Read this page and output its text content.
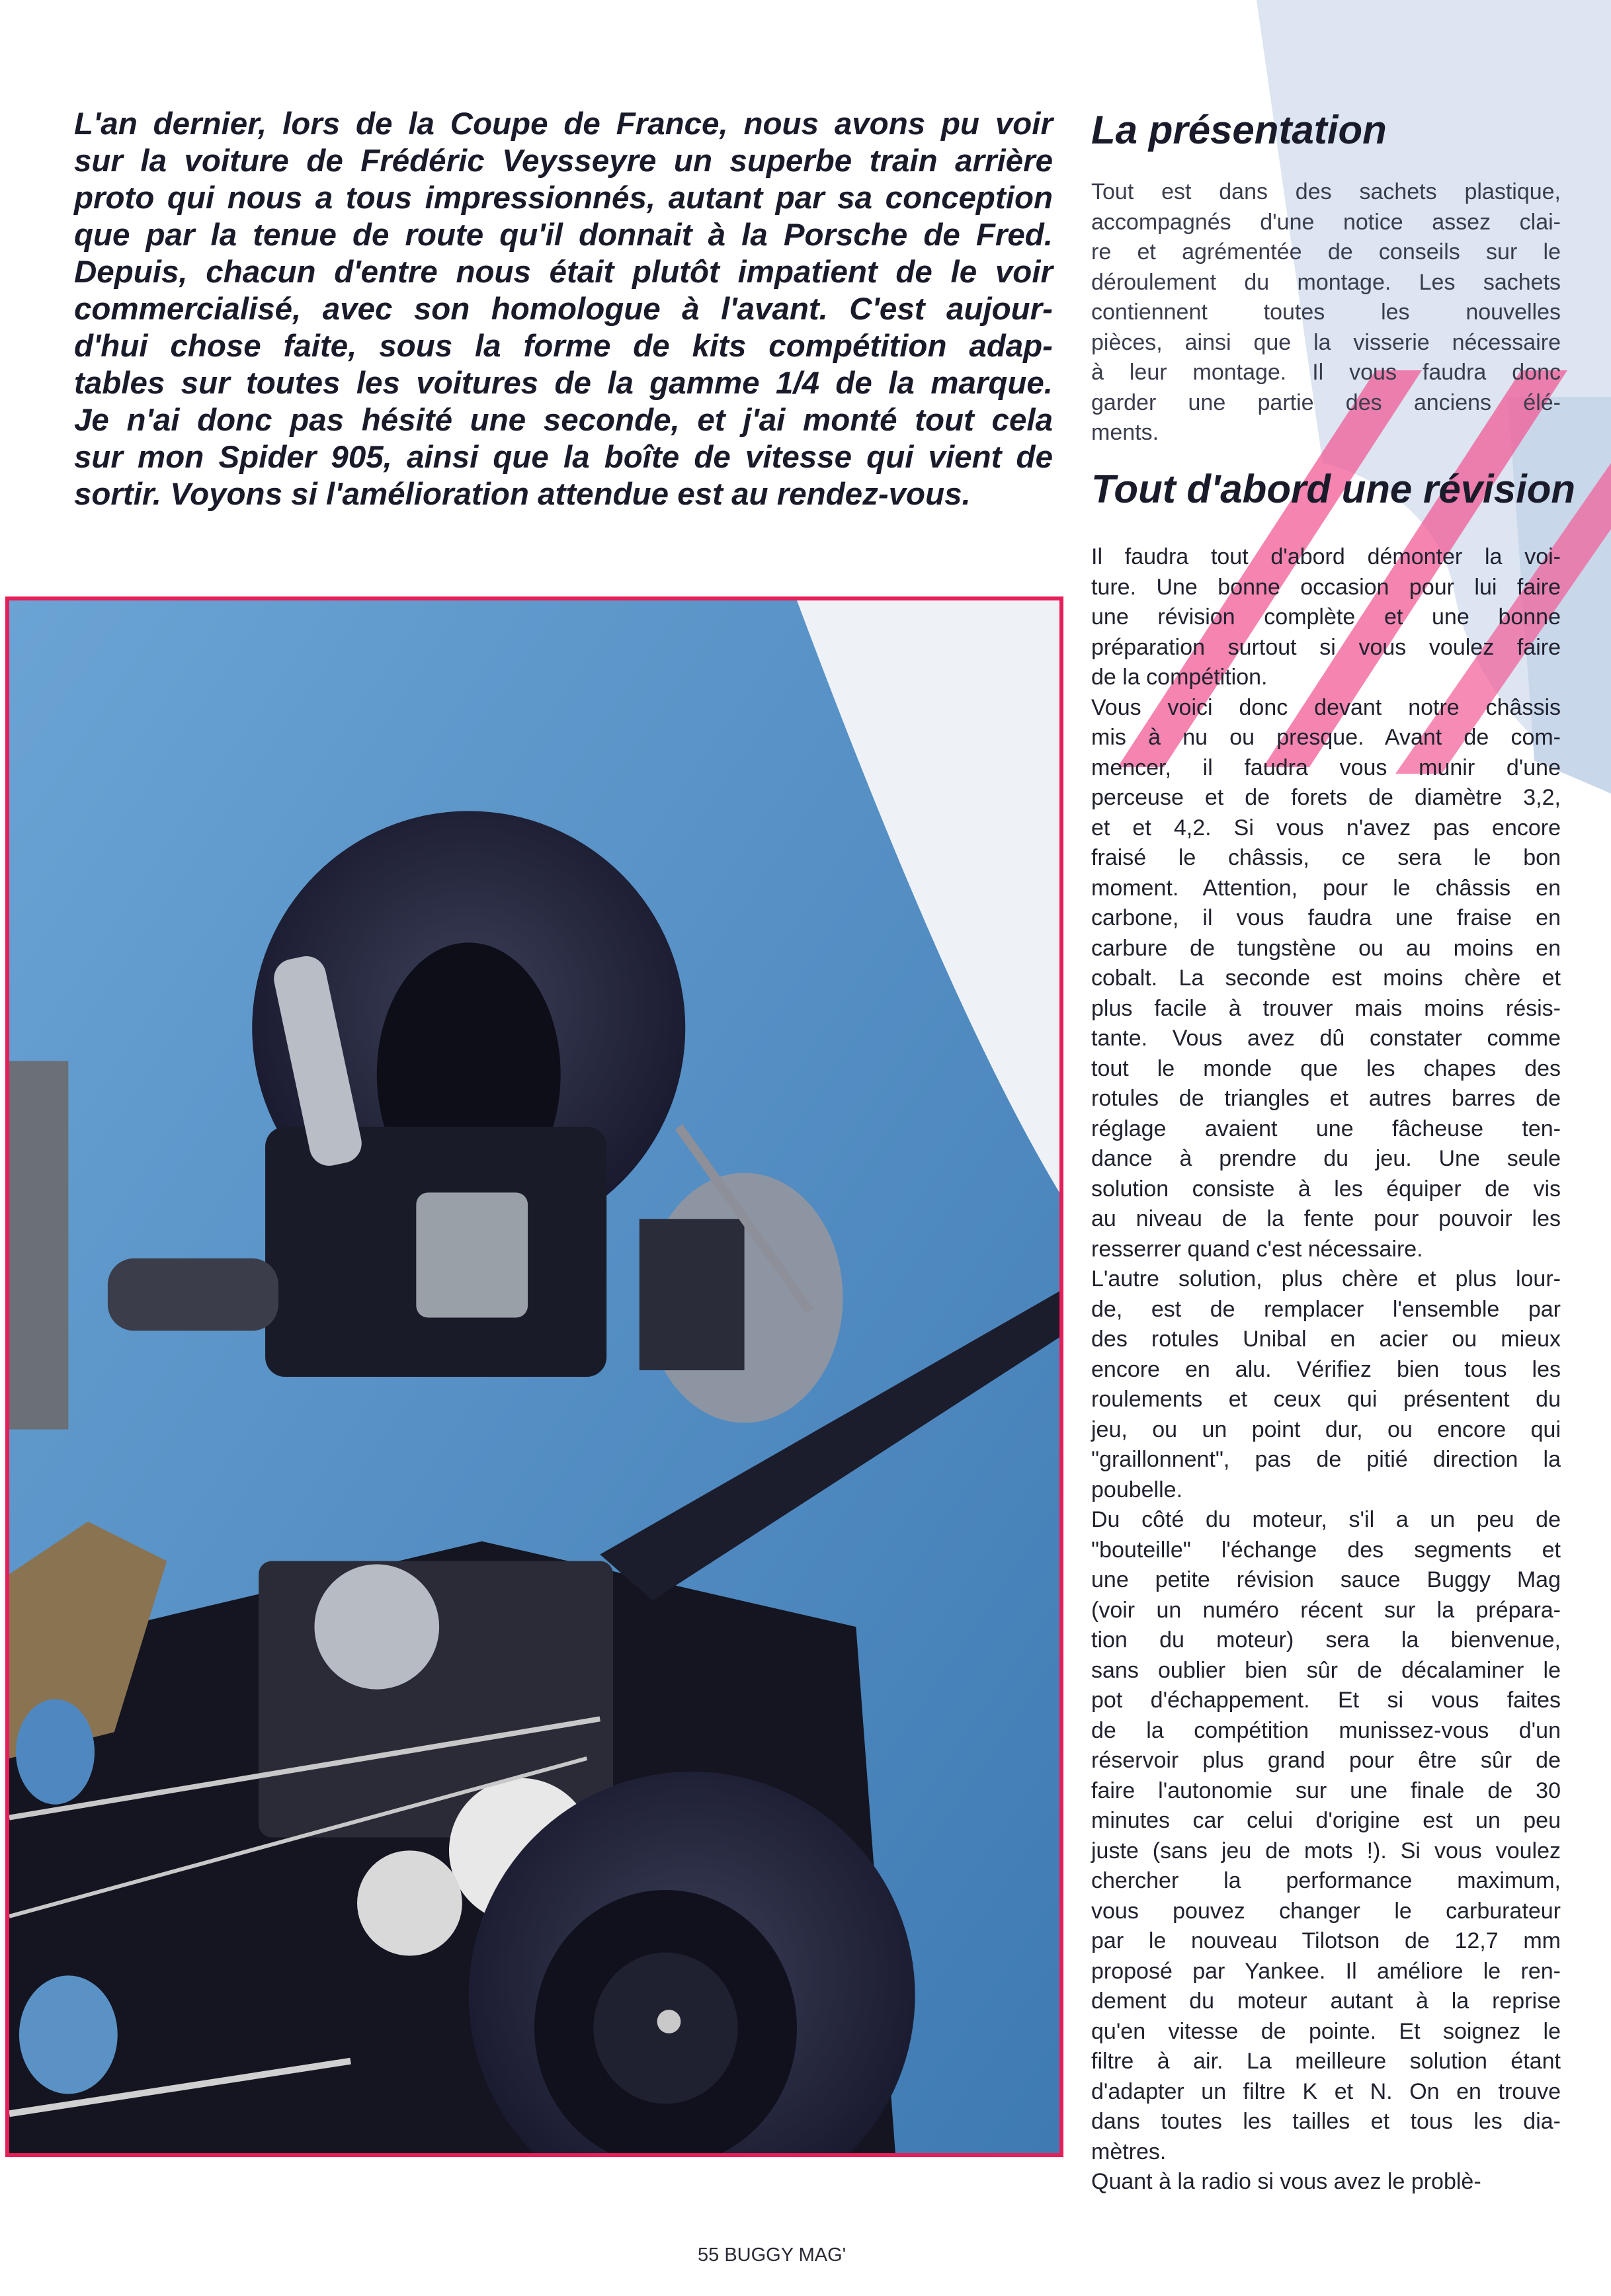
L'an dernier, lors de la Coupe de France, nous avons pu voir
sur la voiture de Frédéric Veysseyre un superbe train arrière
proto qui nous a tous impressionnés, autant par sa conception
que par la tenue de route qu'il donnait à la Porsche de Fred.
Depuis, chacun d'entre nous était plutôt impatient de le voir
commercialisé, avec son homologue à l'avant. C'est aujour-
d'hui chose faite, sous la forme de kits compétition adap-
tables sur toutes les voitures de la gamme 1/4 de la marque.
Je n'ai donc pas hésité une seconde, et j'ai monté tout cela
sur mon Spider 905, ainsi que la boîte de vitesse qui vient de
sortir. Voyons si l'amélioration attendue est au rendez-vous.
La présentation
Tout est dans des sachets plastique,
accompagnés d'une notice assez clai-
re et agrémentée de conseils sur le
déroulement du montage. Les sachets
contiennent toutes les nouvelles
pièces, ainsi que la visserie nécessaire
à leur montage. Il vous faudra donc
garder une partie des anciens élé-
ments.
Tout d'abord une révision
Il faudra tout d'abord démonter la voi-
ture. Une bonne occasion pour lui faire
une révision complète et une bonne
préparation surtout si vous voulez faire
de la compétition.
Vous voici donc devant notre châssis
mis à nu ou presque. Avant de com-
mencer, il faudra vous munir d'une
perceuse et de forets de diamètre 3,2,
et et 4,2. Si vous n'avez pas encore
fraisé le châssis, ce sera le bon
moment. Attention, pour le châssis en
carbone, il vous faudra une fraise en
carbure de tungstène ou au moins en
cobalt. La seconde est moins chère et
plus facile à trouver mais moins résis-
tante. Vous avez dû constater comme
tout le monde que les chapes des
rotules de triangles et autres barres de
réglage avaient une fâcheuse ten-
dance à prendre du jeu. Une seule
solution consiste à les équiper de vis
au niveau de la fente pour pouvoir les
resserrer quand c'est nécessaire.
L'autre solution, plus chère et plus lour-
de, est de remplacer l'ensemble par
des rotules Unibal en acier ou mieux
encore en alu. Vérifiez bien tous les
roulements et ceux qui présentent du
jeu, ou un point dur, ou encore qui
"graillonnent", pas de pitié direction la
poubelle.
Du côté du moteur, s'il a un peu de
"bouteille" l'échange des segments et
une petite révision sauce Buggy Mag
(voir un numéro récent sur la prépara-
tion du moteur) sera la bienvenue,
sans oublier bien sûr de décalaminer le
pot d'échappement. Et si vous faites
de la compétition munissez-vous d'un
réservoir plus grand pour être sûr de
faire l'autonomie sur une finale de 30
minutes car celui d'origine est un peu
juste (sans jeu de mots !). Si vous voulez
chercher la performance maximum,
vous pouvez changer le carburateur
par le nouveau Tilotson de 12,7 mm
proposé par Yankee. Il améliore le ren-
dement du moteur autant à la reprise
qu'en vitesse de pointe. Et soignez le
filtre à air. La meilleure solution étant
d'adapter un filtre K et N. On en trouve
dans toutes les tailles et tous les dia-
mètres.
Quant à la radio si vous avez le problè-
55 BUGGY MAG'
